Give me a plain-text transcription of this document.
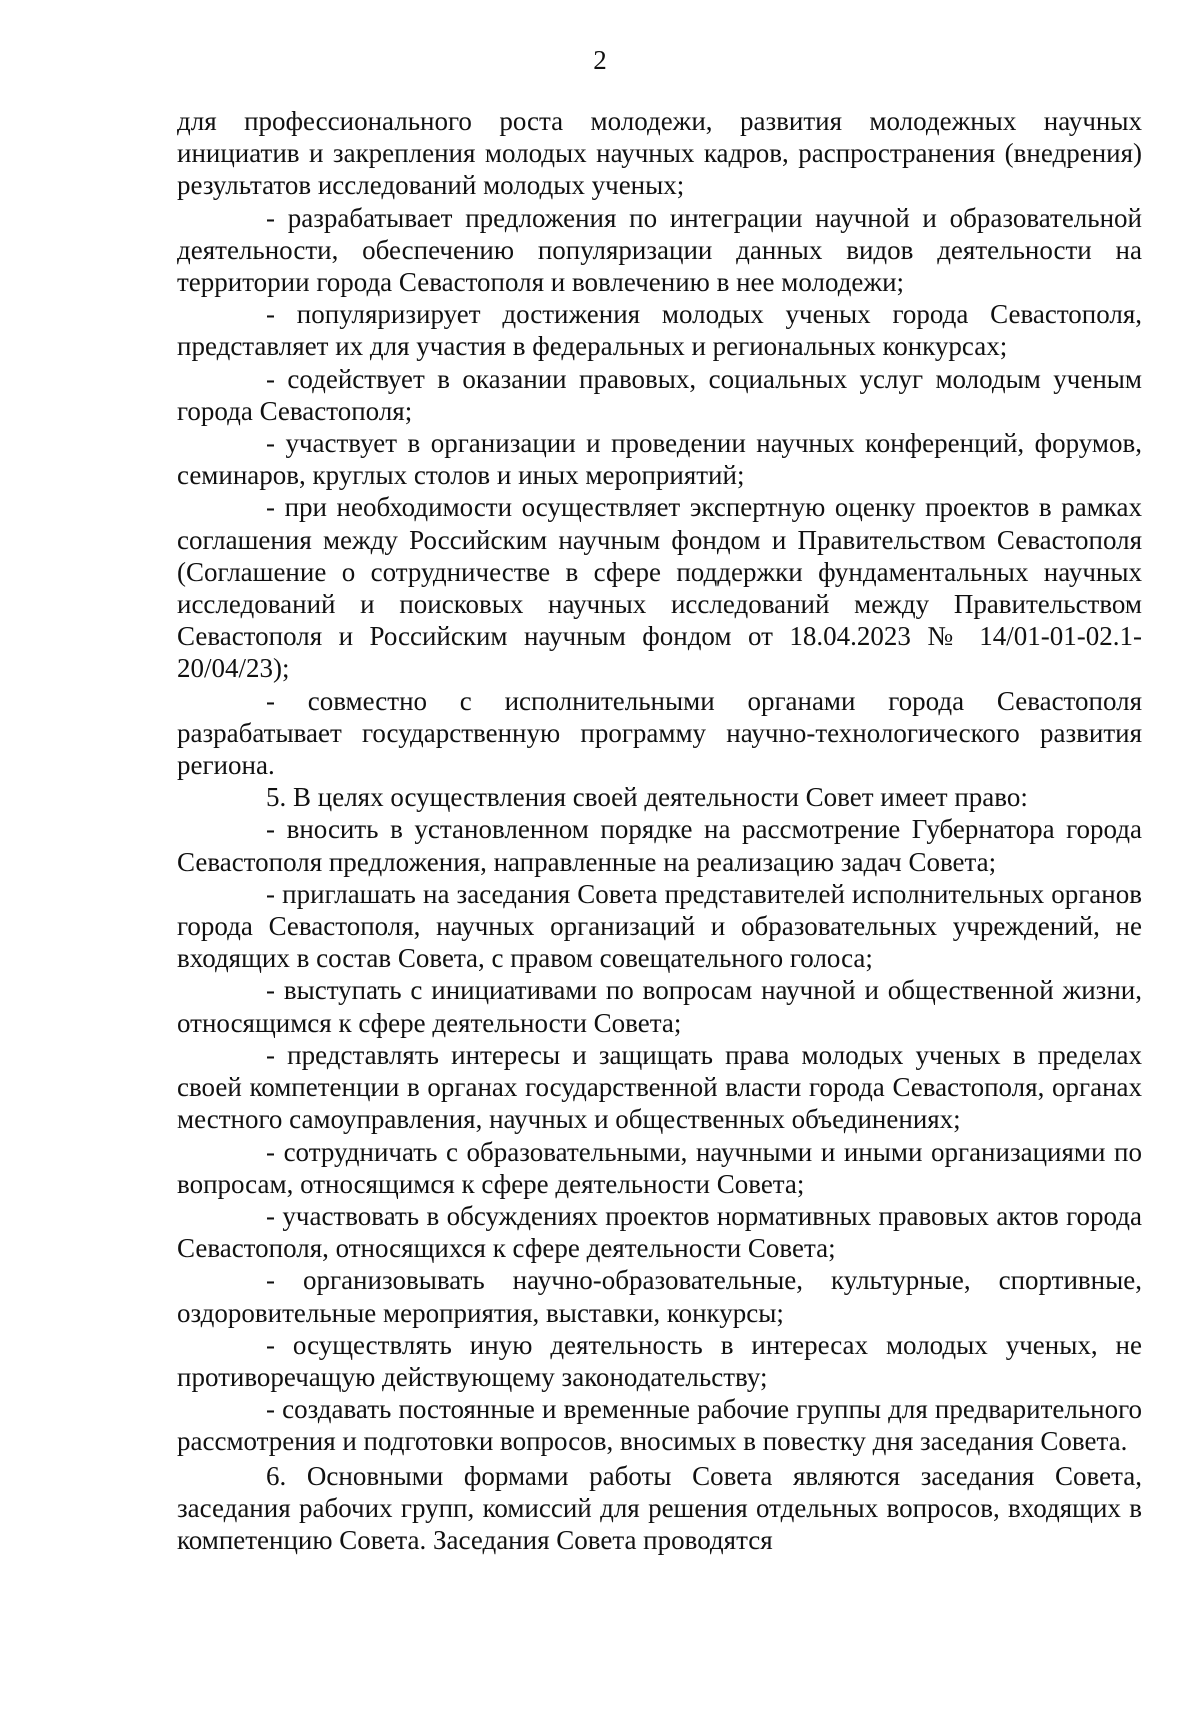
2

для профессионального роста молодежи, развития молодежных научных инициатив и закрепления молодых научных кадров, распространения (внедрения) результатов исследований молодых ученых;

- разрабатывает предложения по интеграции научной и образовательной деятельности, обеспечению популяризации данных видов деятельности на территории города Севастополя и вовлечению в нее молодежи;

- популяризирует достижения молодых ученых города Севастополя, представляет их для участия в федеральных и региональных конкурсах;

- содействует в оказании правовых, социальных услуг молодым ученым города Севастополя;

- участвует в организации и проведении научных конференций, форумов, семинаров, круглых столов и иных мероприятий;

- при необходимости осуществляет экспертную оценку проектов в рамках соглашения между Российским научным фондом и Правительством Севастополя (Соглашение о сотрудничестве в сфере поддержки фундаментальных научных исследований и поисковых научных исследований между Правительством Севастополя и Российским научным фондом от 18.04.2023 № 14/01-01-02.1-20/04/23);

- совместно с исполнительными органами города Севастополя разрабатывает государственную программу научно-технологического развития региона.

5. В целях осуществления своей деятельности Совет имеет право:

- вносить в установленном порядке на рассмотрение Губернатора города Севастополя предложения, направленные на реализацию задач Совета;

- приглашать на заседания Совета представителей исполнительных органов города Севастополя, научных организаций и образовательных учреждений, не входящих в состав Совета, с правом совещательного голоса;

- выступать с инициативами по вопросам научной и общественной жизни, относящимся к сфере деятельности Совета;

- представлять интересы и защищать права молодых ученых в пределах своей компетенции в органах государственной власти города Севастополя, органах местного самоуправления, научных и общественных объединениях;

- сотрудничать с образовательными, научными и иными организациями по вопросам, относящимся к сфере деятельности Совета;

- участвовать в обсуждениях проектов нормативных правовых актов города Севастополя, относящихся к сфере деятельности Совета;

- организовывать научно-образовательные, культурные, спортивные, оздоровительные мероприятия, выставки, конкурсы;

- осуществлять иную деятельность в интересах молодых ученых, не противоречащую действующему законодательству;

- создавать постоянные и временные рабочие группы для предварительного рассмотрения и подготовки вопросов, вносимых в повестку дня заседания Совета.

6. Основными формами работы Совета являются заседания Совета, заседания рабочих групп, комиссий для решения отдельных вопросов, входящих в компетенцию Совета. Заседания Совета проводятся
